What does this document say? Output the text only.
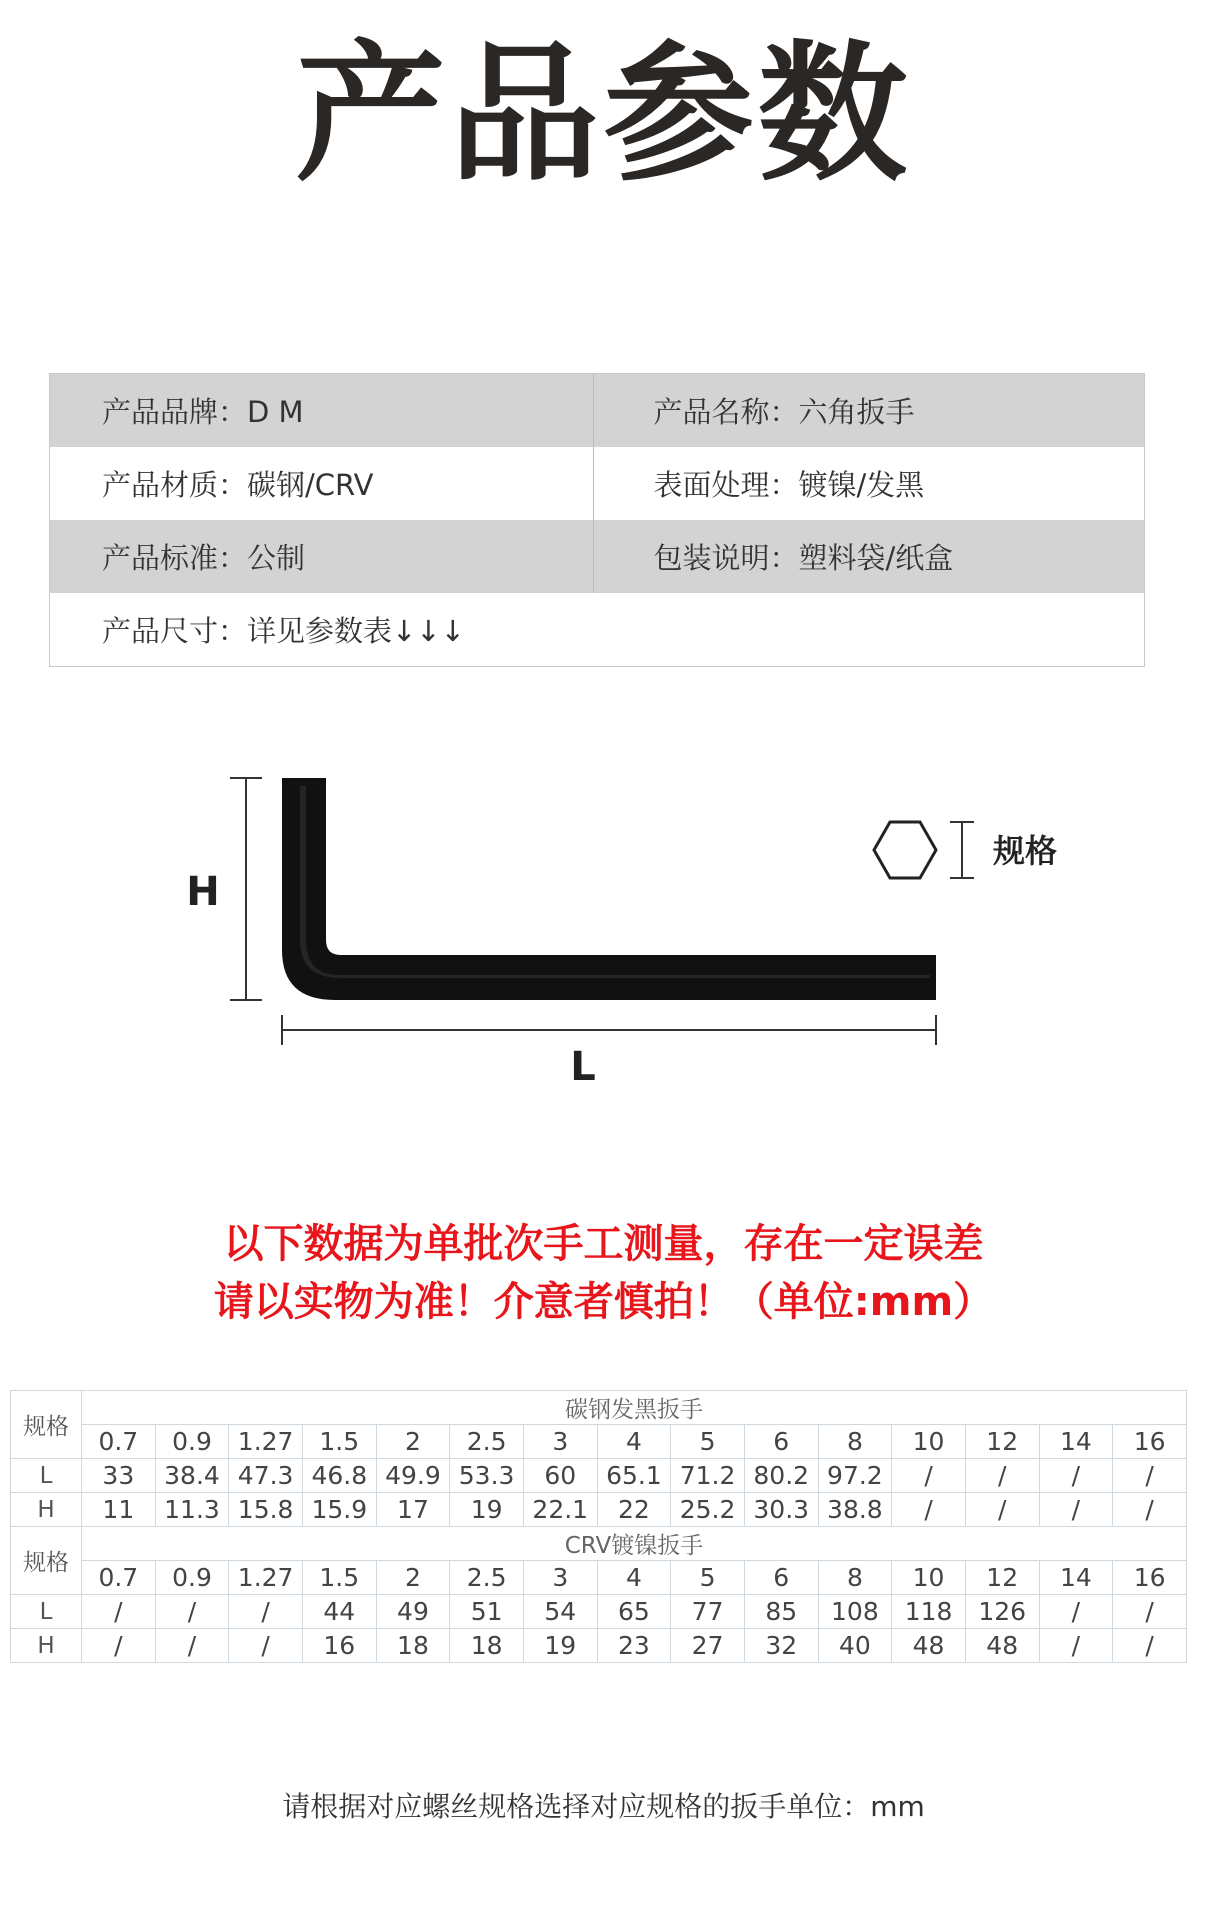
产品参数
产品品牌：D M	产品名称：六角扳手
产品材质：碳钢/CRV	表面处理：镀镍/发黑
产品标准：公制	包装说明：塑料袋/纸盒
产品尺寸：详见参数表↓↓↓
H
L
规格
以下数据为单批次手工测量，存在一定误差
请以实物为准！介意者慎拍！（单位:mm）
规格	碳钢发黑扳手														
	0.7	0.9	1.27	1.5	2	2.5	3	4	5	6	8	10	12	14	16
L	33	38.4	47.3	46.8	49.9	53.3	60	65.1	71.2	80.2	97.2	/	/	/	/
H	11	11.3	15.8	15.9	17	19	22.1	22	25.2	30.3	38.8	/	/	/	/
规格	CRV镀镍扳手														
	0.7	0.9	1.27	1.5	2	2.5	3	4	5	6	8	10	12	14	16
L	/	/	/	44	49	51	54	65	77	85	108	118	126	/	/
H	/	/	/	16	18	18	19	23	27	32	40	48	48	/	/
请根据对应螺丝规格选择对应规格的扳手单位：mm
